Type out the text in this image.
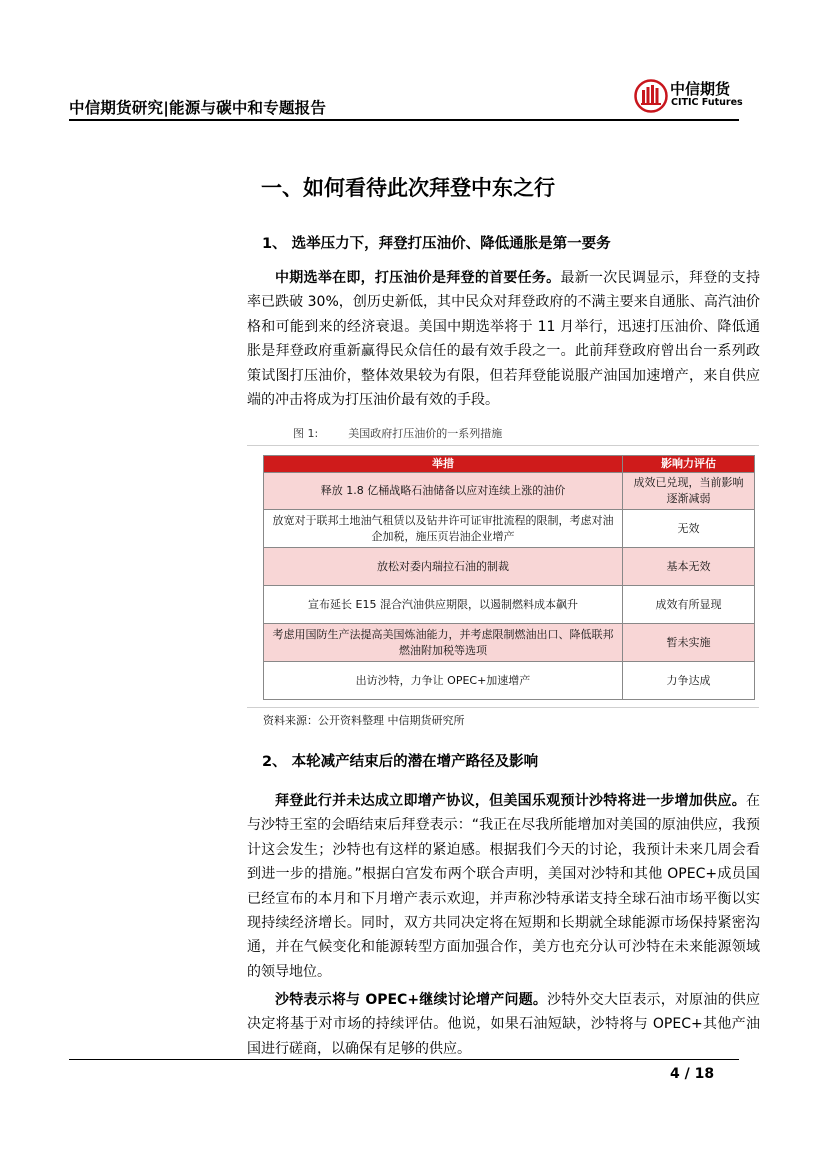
中信期货研究|能源与碳中和专题报告
中信期货
CITIC Futures
一、如何看待此次拜登中东之行
1、 选举压力下，拜登打压油价、降低通胀是第一要务
中期选举在即，打压油价是拜登的首要任务。最新一次民调显示，拜登的支持率已跌破 30%，创历史新低，其中民众对拜登政府的不满主要来自通胀、高汽油价格和可能到来的经济衰退。美国中期选举将于 11 月举行，迅速打压油价、降低通胀是拜登政府重新赢得民众信任的最有效手段之一。此前拜登政府曾出台一系列政策试图打压油价，整体效果较为有限，但若拜登能说服产油国加速增产，来自供应端的冲击将成为打压油价最有效的手段。
图 1:	美国政府打压油价的一系列措施
举措	影响力评估
释放 1.8 亿桶战略石油储备以应对连续上涨的油价	成效已兑现，当前影响逐渐减弱
放宽对于联邦土地油气租赁以及钻井许可证审批流程的限制，考虑对油企加税，施压页岩油企业增产	无效
放松对委内瑞拉石油的制裁	基本无效
宣布延长 E15 混合汽油供应期限，以遏制燃料成本飙升	成效有所显现
考虑用国防生产法提高美国炼油能力，并考虑限制燃油出口、降低联邦燃油附加税等选项	暂未实施
出访沙特，力争让 OPEC+加速增产	力争达成
资料来源：公开资料整理 中信期货研究所
2、 本轮减产结束后的潜在增产路径及影响
拜登此行并未达成立即增产协议，但美国乐观预计沙特将进一步增加供应。在与沙特王室的会晤结束后拜登表示：“我正在尽我所能增加对美国的原油供应，我预计这会发生；沙特也有这样的紧迫感。根据我们今天的讨论，我预计未来几周会看到进一步的措施。”根据白宫发布两个联合声明，美国对沙特和其他 OPEC+成员国已经宣布的本月和下月增产表示欢迎，并声称沙特承诺支持全球石油市场平衡以实现持续经济增长。同时，双方共同决定将在短期和长期就全球能源市场保持紧密沟通，并在气候变化和能源转型方面加强合作，美方也充分认可沙特在未来能源领域的领导地位。
沙特表示将与 OPEC+继续讨论增产问题。沙特外交大臣表示，对原油的供应决定将基于对市场的持续评估。他说，如果石油短缺，沙特将与 OPEC+其他产油国进行磋商，以确保有足够的供应。
4 / 18
